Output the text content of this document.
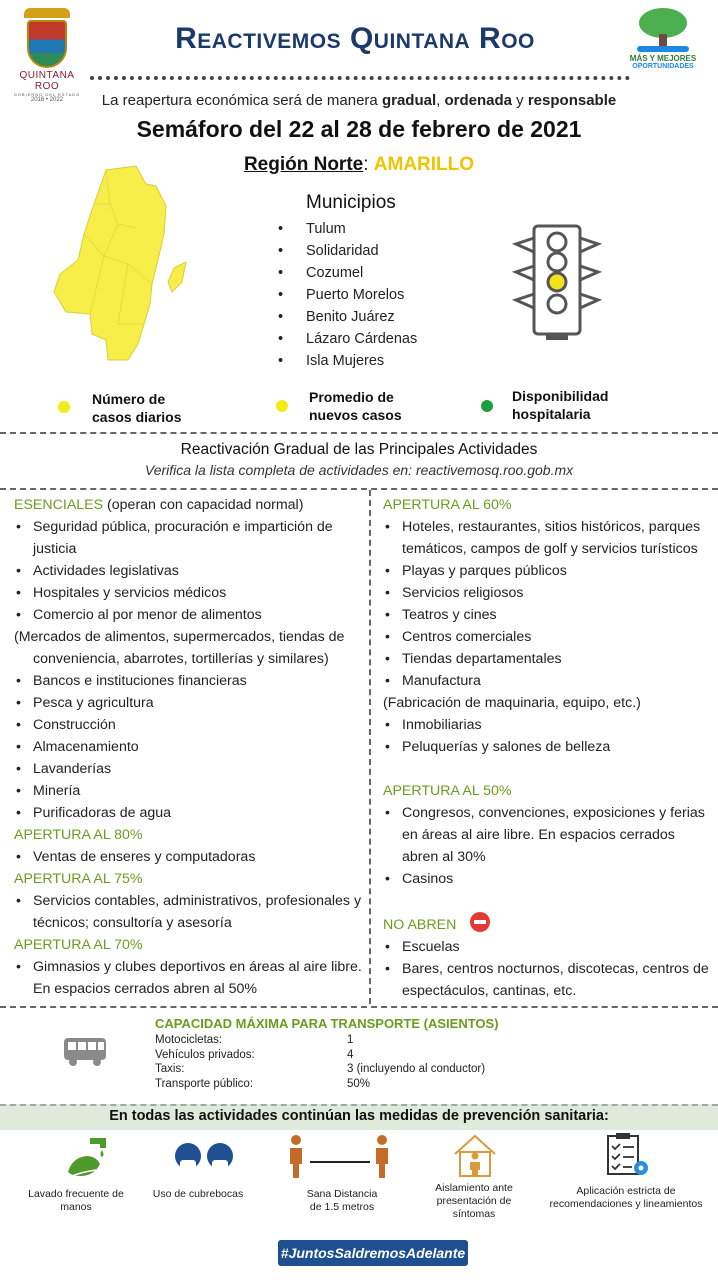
QUINTANA ROO
GOBIERNO DEL ESTADO
2016 • 2022
Reactivemos Quintana Roo
MÁS Y MEJORES
OPORTUNIDADES
La reapertura económica será de manera gradual, ordenada y responsable
Semáforo del 22 al 28 de febrero de 2021
Región Norte: AMARILLO
Municipios
• Tulum
• Solidaridad
• Cozumel
• Puerto Morelos
• Benito Juárez
• Lázaro Cárdenas
• Isla Mujeres
Número de
casos diarios
Promedio de
nuevos casos
Disponibilidad
hospitalaria
Reactivación Gradual de las Principales Actividades
Verifica la lista completa de actividades en: reactivemosq.roo.gob.mx
ESENCIALES (operan con capacidad normal)
• Seguridad pública, procuración e impartición de justicia
• Actividades legislativas
• Hospitales y servicios médicos
• Comercio al por menor de alimentos
(Mercados de alimentos, supermercados, tiendas de conveniencia, abarrotes, tortillerías y similares)
• Bancos e instituciones financieras
• Pesca y agricultura
• Construcción
• Almacenamiento
• Lavanderías
• Minería
• Purificadoras de agua
APERTURA AL 80%
• Ventas de enseres y computadoras
APERTURA AL 75%
• Servicios contables, administrativos, profesionales y técnicos; consultoría y asesoría
APERTURA AL 70%
• Gimnasios y clubes deportivos en áreas al aire libre. En espacios cerrados abren al 50%
APERTURA AL 60%
• Hoteles, restaurantes, sitios históricos, parques temáticos, campos de golf y servicios turísticos
• Playas y parques públicos
• Servicios religiosos
• Teatros y cines
• Centros comerciales
• Tiendas departamentales
• Manufactura
(Fabricación de maquinaria, equipo, etc.)
• Inmobiliarias
• Peluquerías y salones de belleza
APERTURA AL 50%
• Congresos, convenciones, exposiciones y ferias en áreas al aire libre. En espacios cerrados abren al 30%
• Casinos
NO ABREN
• Escuelas
• Bares, centros nocturnos, discotecas, centros de espectáculos, cantinas, etc.
CAPACIDAD MÁXIMA PARA TRANSPORTE (ASIENTOS)
Motocicletas:	1
Vehículos privados:	4
Taxis:	3 (incluyendo al conductor)
Transporte público:	50%
En todas las actividades continúan las medidas de prevención sanitaria:
Lavado frecuente de
manos
Uso de cubrebocas	Sana Distancia
de 1.5 metros
Aislamiento ante
presentación de
síntomas
Aplicación estricta de
recomendaciones y lineamientos
#JuntosSaldremosAdelante
